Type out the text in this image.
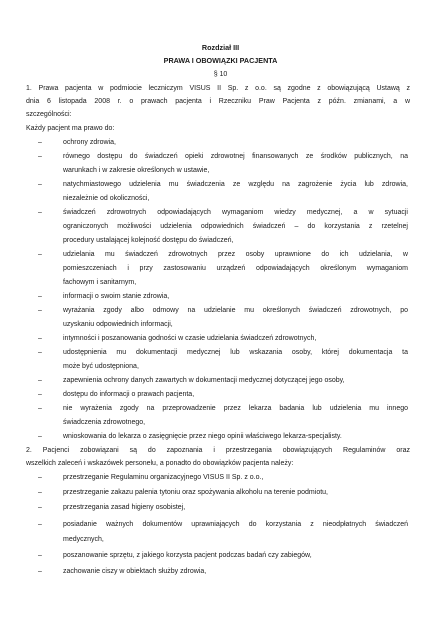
Rozdział III
PRAWA I OBOWIĄZKI PACJENTA
§ 10
1. Prawa pacjenta w podmiocie leczniczym VISUS II Sp. z o.o. są zgodne z obowiązującą Ustawą z
dnia 6 listopada 2008 r. o prawach pacjenta i Rzeczniku Praw Pacjenta z późn. zmianami, a w
szczególności:
Każdy pacjent ma prawo do:
–	ochrony zdrowia,
–	równego dostępu do świadczeń opieki zdrowotnej finansowanych ze środków publicznych, na
warunkach i w zakresie określonych w ustawie,
–	natychmiastowego udzielenia mu świadczenia ze względu na zagrożenie życia lub zdrowia,
niezależnie od okoliczności,
–	świadczeń zdrowotnych odpowiadających wymaganiom wiedzy medycznej, a w sytuacji
ograniczonych możliwości udzielenia odpowiednich świadczeń – do korzystania z rzetelnej
procedury ustalającej kolejność dostępu do świadczeń,
–	udzielania mu świadczeń zdrowotnych przez osoby uprawnione do ich udzielania, w
pomieszczeniach i przy zastosowaniu urządzeń odpowiadających określonym wymaganiom
fachowym i sanitarnym,
–	informacji o swoim stanie zdrowia,
–	wyrażania zgody albo odmowy na udzielanie mu określonych świadczeń zdrowotnych, po
uzyskaniu odpowiednich informacji,
–	intymności i poszanowania godności w czasie udzielania świadczeń zdrowotnych,
–	udostępnienia mu dokumentacji medycznej lub wskazania osoby, której dokumentacja ta
może być udostępniona,
–	zapewnienia ochrony danych zawartych w dokumentacji medycznej dotyczącej jego osoby,
–	dostępu do informacji o prawach pacjenta,
–	nie wyrażenia zgody na przeprowadzenie przez lekarza badania lub udzielenia mu innego
świadczenia zdrowotnego,
–	wnioskowania do lekarza o zasięgnięcie przez niego opinii właściwego lekarza-specjalisty.
2. Pacjenci zobowiązani są do zapoznania i przestrzegania obowiązujących Regulaminów oraz
wszelkich zaleceń i wskazówek personelu, a ponadto do obowiązków pacjenta należy:
–	przestrzeganie Regulaminu organizacyjnego VISUS II Sp. z o.o.,
–	przestrzeganie zakazu palenia tytoniu oraz spożywania alkoholu na terenie podmiotu,
–	przestrzegania zasad higieny osobistej,
–	posiadanie ważnych dokumentów uprawniających do korzystania z nieodpłatnych świadczeń
medycznych,
–	poszanowanie sprzętu, z jakiego korzysta pacjent podczas badań czy zabiegów,
–	zachowanie ciszy w obiektach służby zdrowia,
